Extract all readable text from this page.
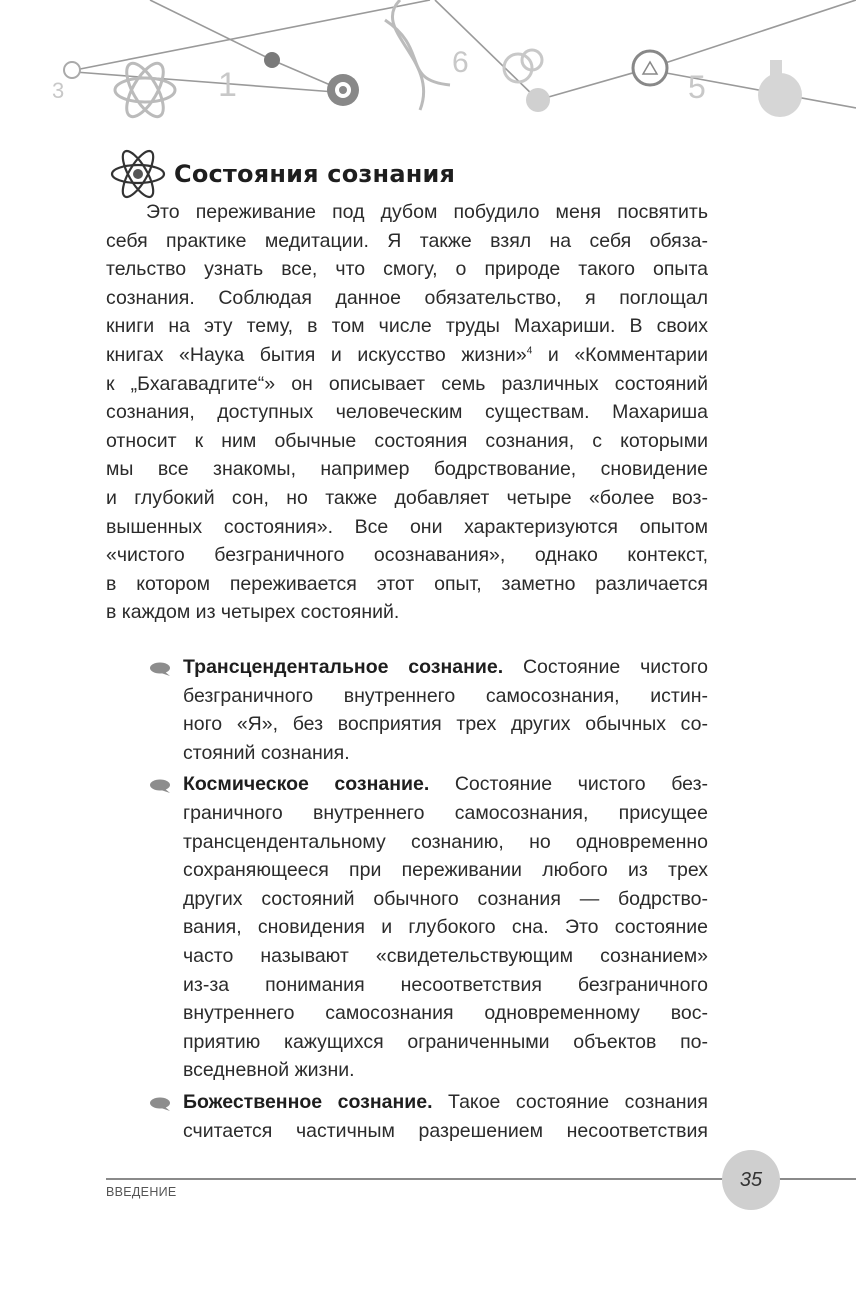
3	1
6
5
Состояния сознания
Это переживание под дубом побудило меня посвятить
себя практике медитации. Я также взял на себя обяза-
тельство узнать все, что смогу, о природе такого опыта
сознания. Соблюдая данное обязательство, я поглощал
книги на эту тему, в том числе труды Махариши. В своих
книгах «Наука бытия и искусство жизни»$^4$ и «Комментарии
к „Бхагавадгите“» он описывает семь различных состояний
сознания, доступных человеческим существам. Махариша
относит к ним обычные состояния сознания, с которыми
мы все знакомы, например бодрствование, сновидение
и глубокий сон, но также добавляет четыре «более воз-
вышенных состояния». Все они характеризуются опытом
«чистого безграничного осознавания», однако контекст,
в котором переживается этот опыт, заметно различается
в каждом из четырех состояний.
Трансцендентальное сознание. Состояние чистого
безграничного внутреннего самосознания, истин-
ного «Я», без восприятия трех других обычных со-
стояний сознания.
Космическое сознание. Состояние чистого без-
граничного внутреннего самосознания, присущее
трансцендентальному сознанию, но одновременно
сохраняющееся при переживании любого из трех
других состояний обычного сознания — бодрство-
вания, сновидения и глубокого сна. Это состояние
часто называют «свидетельствующим сознанием»
из-за понимания несоответствия безграничного
внутреннего самосознания одновременному вос-
приятию кажущихся ограниченными объектов по-
вседневной жизни.
Божественное сознание. Такое состояние сознания
считается частичным разрешением несоответствия
35
ВВЕДЕНИЕ
